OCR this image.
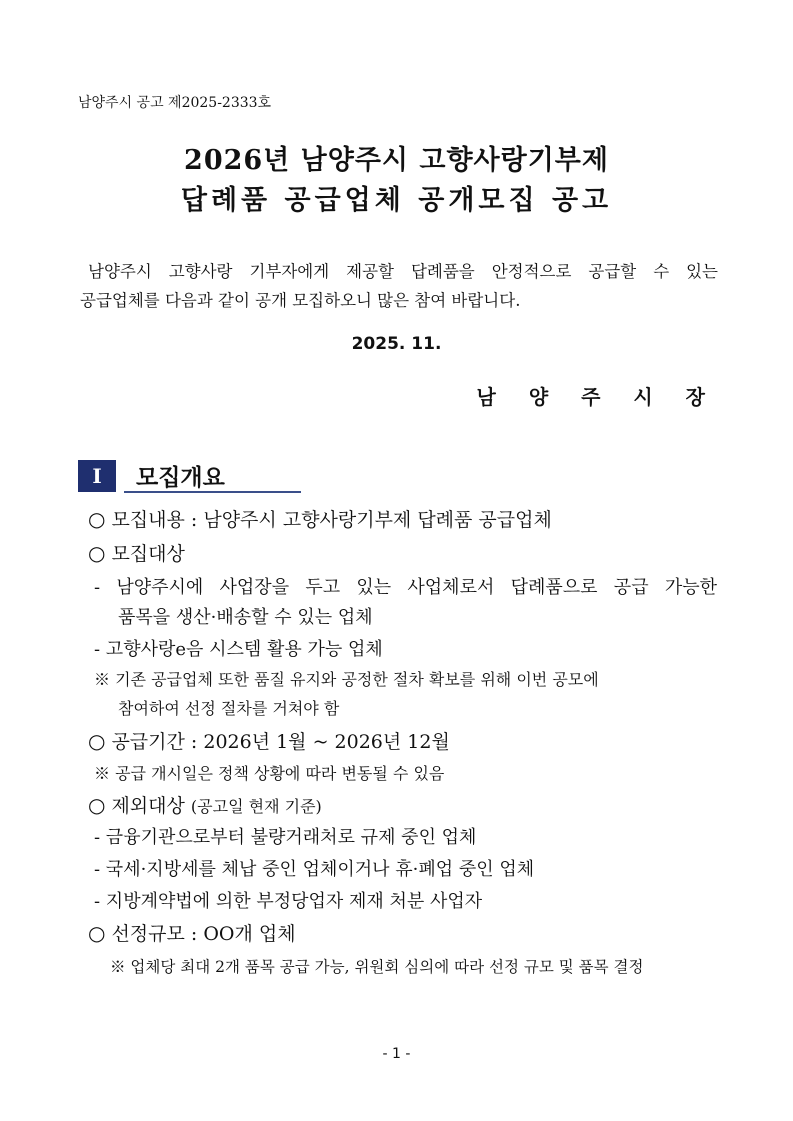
남양주시 공고 제2025-2333호
2026년 남양주시 고향사랑기부제
답례품 공급업체 공개모집 공고
남양주시 고향사랑 기부자에게 제공할 답례품을 안정적으로 공급할 수 있는
공급업체를 다음과 같이 공개 모집하오니 많은 참여 바랍니다.
2025. 11.
남 양 주 시 장
I	모집개요
○ 모집내용 : 남양주시 고향사랑기부제 답례품 공급업체
○ 모집대상
- 남양주시에 사업장을 두고 있는 사업체로서 답례품으로 공급 가능한
품목을 생산·배송할 수 있는 업체
- 고향사랑e음 시스템 활용 가능 업체
※ 기존 공급업체 또한 품질 유지와 공정한 절차 확보를 위해 이번 공모에
참여하여 선정 절차를 거쳐야 함
○ 공급기간 : 2026년 1월 ~ 2026년 12월
※ 공급 개시일은 정책 상황에 따라 변동될 수 있음
○ 제외대상 (공고일 현재 기준)
- 금융기관으로부터 불량거래처로 규제 중인 업체
- 국세·지방세를 체납 중인 업체이거나 휴·폐업 중인 업체
- 지방계약법에 의한 부정당업자 제재 처분 사업자
○ 선정규모 : OO개 업체
※ 업체당 최대 2개 품목 공급 가능, 위원회 심의에 따라 선정 규모 및 품목 결정
- 1 -
